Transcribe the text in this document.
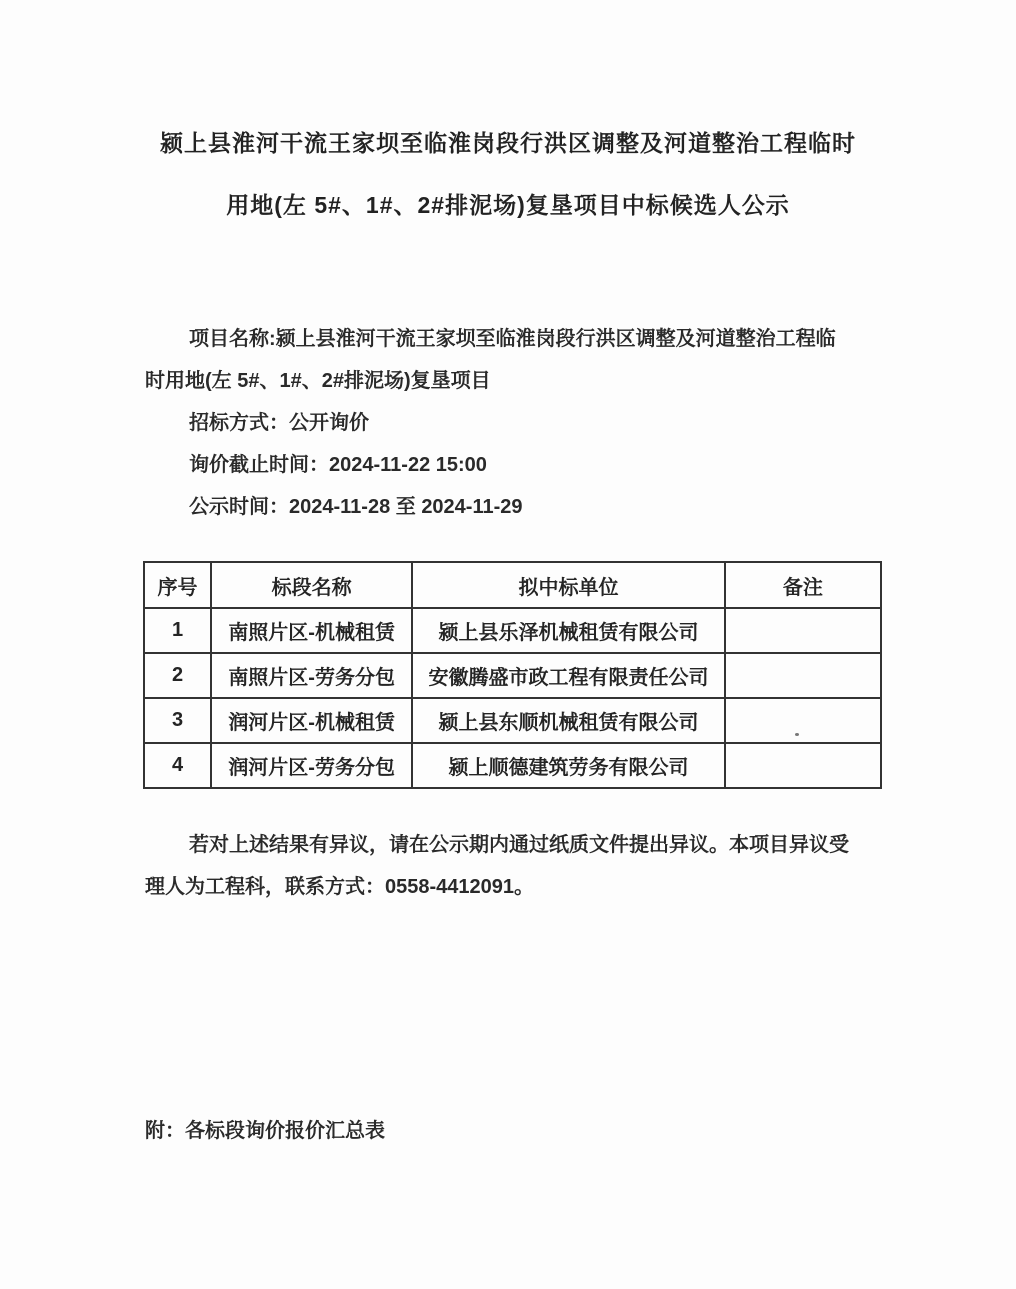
颍上县淮河干流王家坝至临淮岗段行洪区调整及河道整治工程临时
用地(左 5#、1#、2#排泥场)复垦项目中标候选人公示

项目名称:颍上县淮河干流王家坝至临淮岗段行洪区调整及河道整治工程临

时用地(左 5#、1#、2#排泥场)复垦项目

招标方式：公开询价

询价截止时间：2024-11-22 15:00

公示时间：2024-11-28 至 2024-11-29

序号	标段名称	拟中标单位	备注
1	南照片区-机械租赁	颍上县乐泽机械租赁有限公司	
2	南照片区-劳务分包	安徽腾盛市政工程有限责任公司	
3	润河片区-机械租赁	颍上县东顺机械租赁有限公司	
4	润河片区-劳务分包	颍上顺德建筑劳务有限公司	

若对上述结果有异议，请在公示期内通过纸质文件提出异议。本项目异议受

理人为工程科，联系方式：0558-4412091。

附：各标段询价报价汇总表
